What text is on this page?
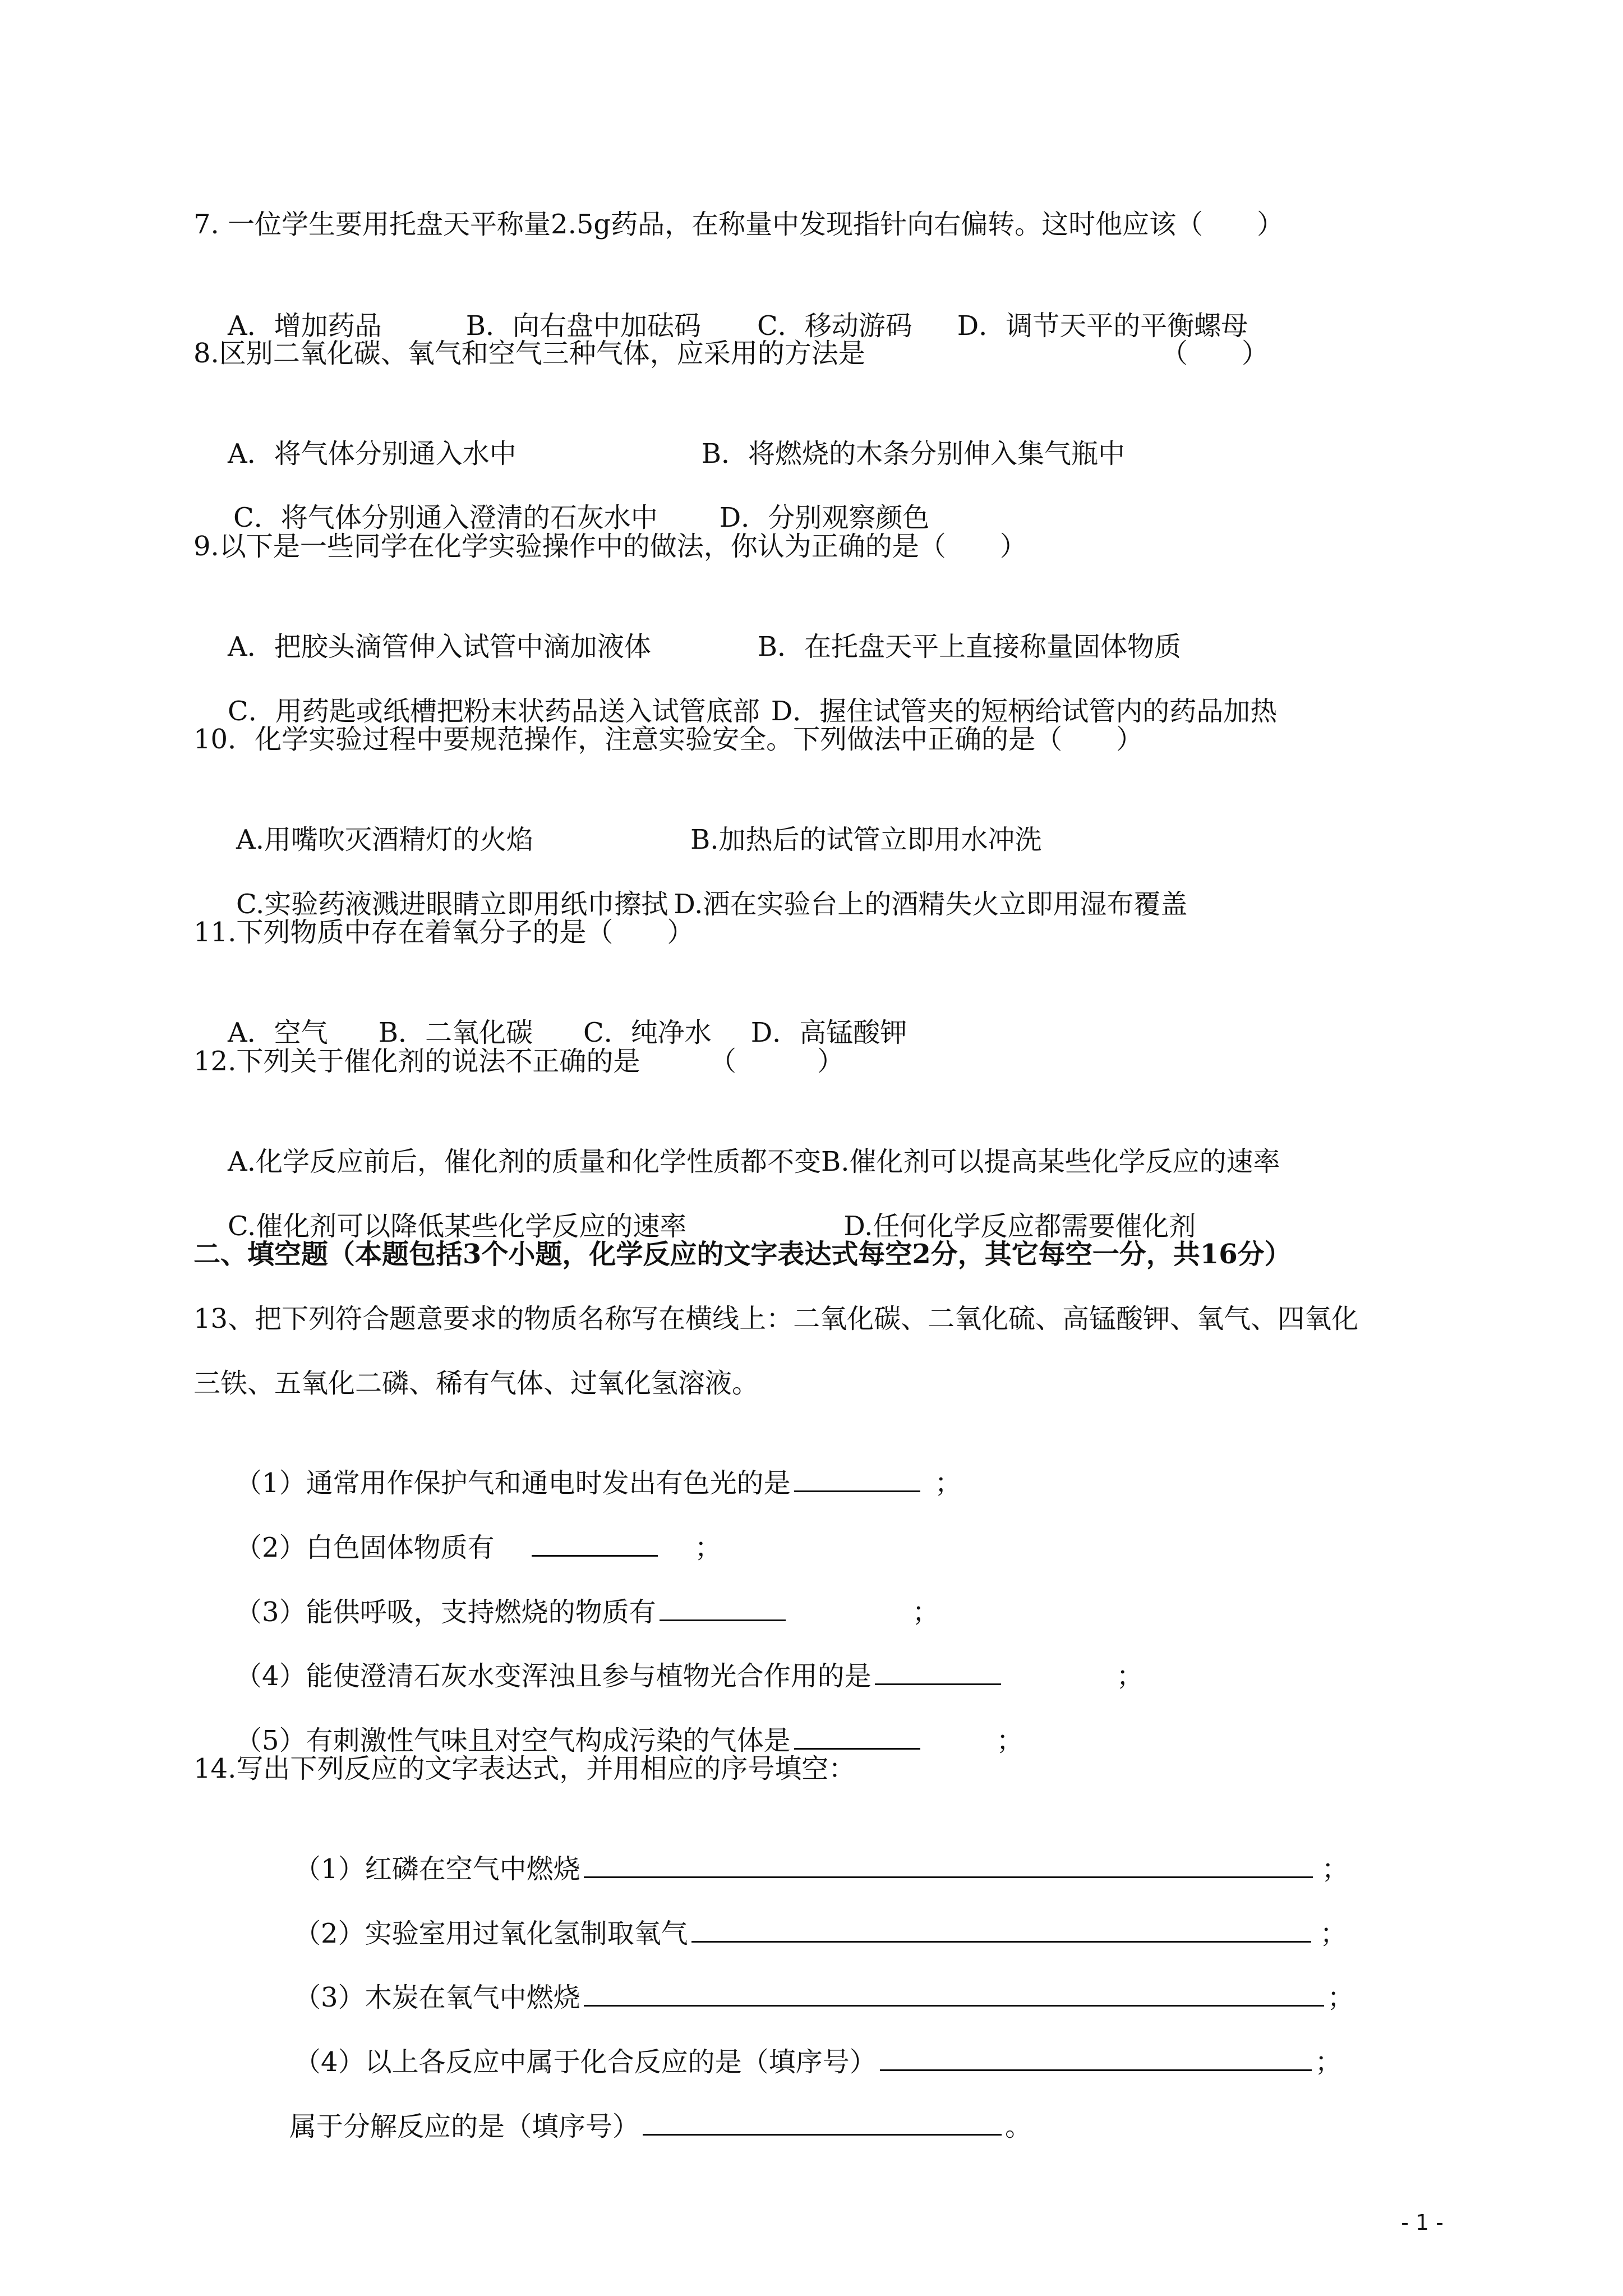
7. 一位学生要用托盘天平称量2.5g药品，在称量中发现指针向右偏转。这时他应该（　　）

A．增加药品	B．向右盘中加砝码 C．移动游码 D．调节天平的平衡螺母

8.区别二氧化碳、氧气和空气三种气体，应采用的方法是	（　　）

A．将气体分别通入水中	B．将燃烧的木条分别伸入集气瓶中

C．将气体分别通入澄清的石灰水中 D．分别观察颜色

9.以下是一些同学在化学实验操作中的做法，你认为正确的是（　　）

A．把胶头滴管伸入试管中滴加液体	B．在托盘天平上直接称量固体物质

C．用药匙或纸槽把粉末状药品送入试管底部 D．握住试管夹的短柄给试管内的药品加热

10．化学实验过程中要规范操作，注意实验安全。下列做法中正确的是（　　）

A.用嘴吹灭酒精灯的火焰	B.加热后的试管立即用水冲洗

C.实验药液溅进眼睛立即用纸巾擦拭 D.洒在实验台上的酒精失火立即用湿布覆盖

11.下列物质中存在着氧分子的是（　　）

A．空气 B．二氧化碳 C．纯净水 D．高锰酸钾

12.下列关于催化剂的说法不正确的是	（　　　）

A.化学反应前后，催化剂的质量和化学性质都不变B.催化剂可以提高某些化学反应的速率

C.催化剂可以降低某些化学反应的速率	D.任何化学反应都需要催化剂

二、填空题（本题包括3个小题，化学反应的文字表达式每空2分，其它每空一分，共16分）
13、把下列符合题意要求的物质名称写在横线上：二氧化碳、二氧化硫、高锰酸钾、氧气、四氧化
三铁、五氧化二磷、稀有气体、过氧化氢溶液。

（1）通常用作保护气和通电时发出有色光的是	；

（2）白色固体物质有	；

（3）能供呼吸，支持燃烧的物质有	；

（4）能使澄清石灰水变浑浊且参与植物光合作用的是	；

（5）有刺激性气味且对空气构成污染的气体是	；

14.写出下列反应的文字表达式，并用相应的序号填空：

（1）红磷在空气中燃烧	；

（2）实验室用过氧化氢制取氧气	；

（3）木炭在氧气中燃烧	；

（4）以上各反应中属于化合反应的是（填序号）	；

属于分解反应的是（填序号）	。

- 1 -
